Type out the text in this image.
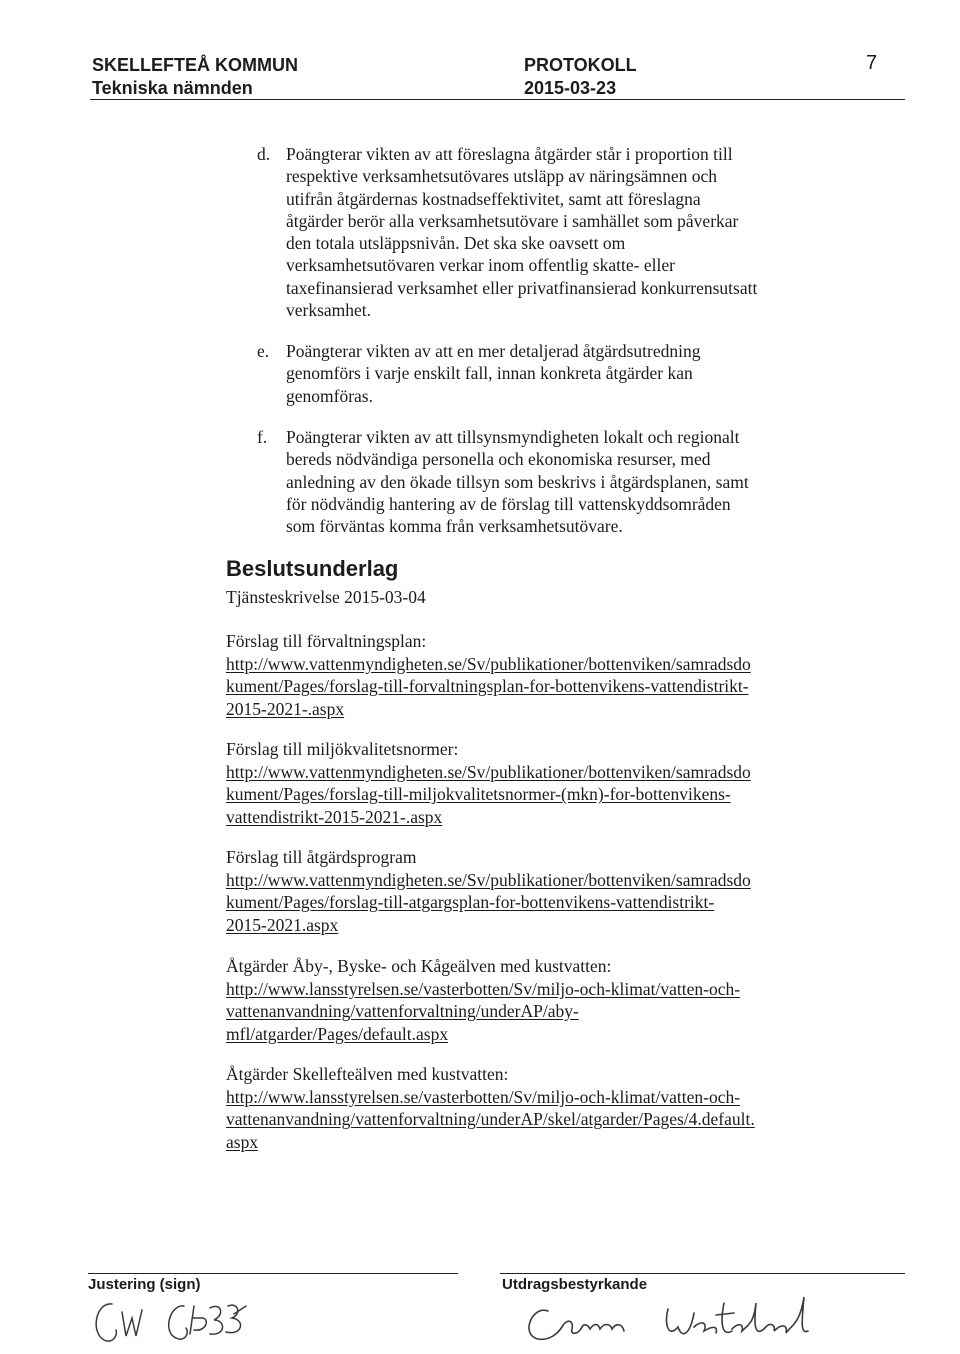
SKELLEFTEÅ KOMMUN
Tekniska nämnden
PROTOKOLL
2015-03-23
7
d. Poängterar vikten av att föreslagna åtgärder står i proportion till
respektive verksamhetsutövares utsläpp av näringsämnen och
utifrån åtgärdernas kostnadseffektivitet, samt att föreslagna
åtgärder berör alla verksamhetsutövare i samhället som påverkar
den totala utsläppsnivån. Det ska ske oavsett om
verksamhetsutövaren verkar inom offentlig skatte- eller
taxefinansierad verksamhet eller privatfinansierad konkurrensutsatt
verksamhet.
e. Poängterar vikten av att en mer detaljerad åtgärdsutredning
genomförs i varje enskilt fall, innan konkreta åtgärder kan
genomföras.
f. Poängterar vikten av att tillsynsmyndigheten lokalt och regionalt
bereds nödvändiga personella och ekonomiska resurser, med
anledning av den ökade tillsyn som beskrivs i åtgärdsplanen, samt
för nödvändig hantering av de förslag till vattenskyddsområden
som förväntas komma från verksamhetsutövare.
Beslutsunderlag
Tjänsteskrivelse 2015-03-04
Förslag till förvaltningsplan:
http://www.vattenmyndigheten.se/Sv/publikationer/bottenviken/samradsdo
kument/Pages/forslag-till-forvaltningsplan-for-bottenvikens-vattendistrikt-
2015-2021-.aspx
Förslag till miljökvalitetsnormer:
http://www.vattenmyndigheten.se/Sv/publikationer/bottenviken/samradsdo
kument/Pages/forslag-till-miljokvalitetsnormer-(mkn)-for-bottenvikens-
vattendistrikt-2015-2021-.aspx
Förslag till åtgärdsprogram
http://www.vattenmyndigheten.se/Sv/publikationer/bottenviken/samradsdo
kument/Pages/forslag-till-atgargsplan-for-bottenvikens-vattendistrikt-
2015-2021.aspx
Åtgärder Åby-, Byske- och Kågeälven med kustvatten:
http://www.lansstyrelsen.se/vasterbotten/Sv/miljo-och-klimat/vatten-och-
vattenanvandning/vattenforvaltning/underAP/aby-
mfl/atgarder/Pages/default.aspx
Åtgärder Skellefteälven med kustvatten:
http://www.lansstyrelsen.se/vasterbotten/Sv/miljo-och-klimat/vatten-och-
vattenanvandning/vattenforvaltning/underAP/skel/atgarder/Pages/4.default.
aspx
Justering (sign)	Utdragsbestyrkande
